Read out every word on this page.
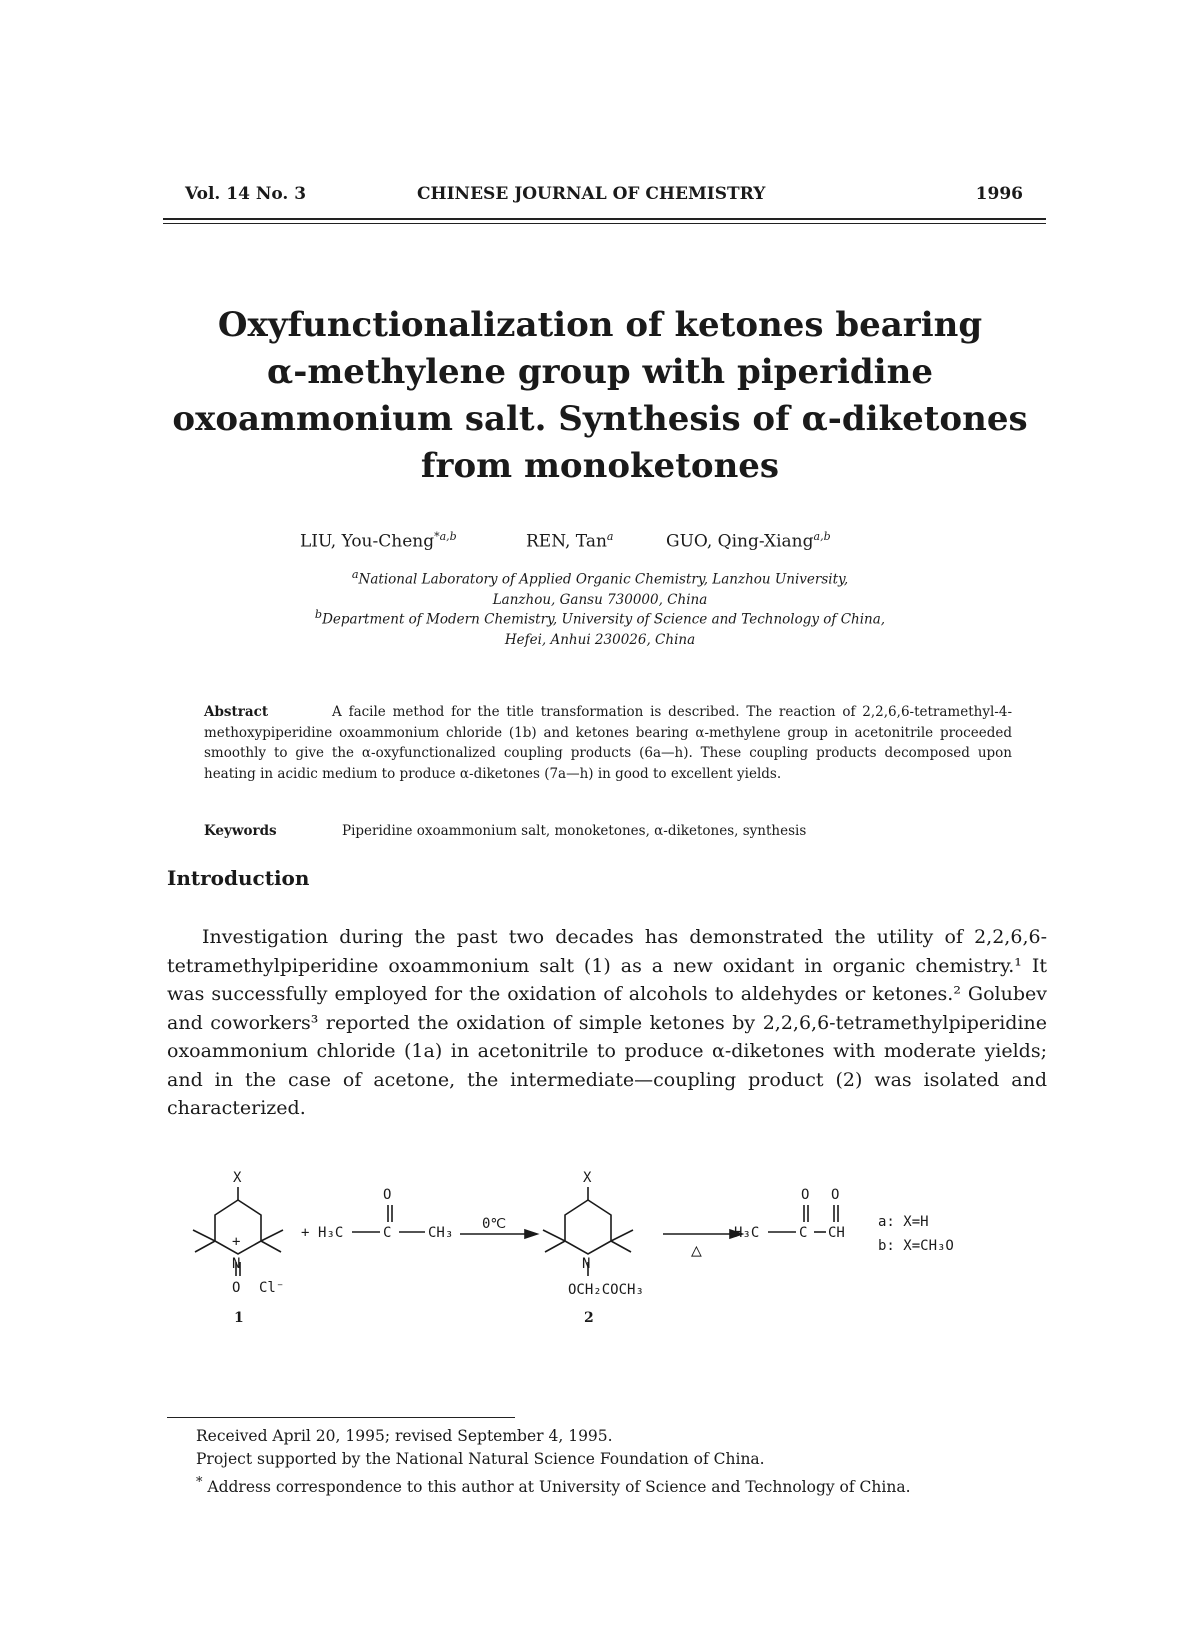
Vol. 14 No. 3	CHINESE JOURNAL OF CHEMISTRY	1996
Oxyfunctionalization of ketones bearing
α-methylene group with piperidine
oxoammonium salt. Synthesis of α-diketones
from monoketones
LIU, You-Cheng$^{*a,b}$	REN, Tan$^a$	GUO, Qing-Xiang$^{a,b}$
$^a$National Laboratory of Applied Organic Chemistry, Lanzhou University,
Lanzhou, Gansu 730000, China
$^b$Department of Modern Chemistry, University of Science and Technology of China,
Hefei, Anhui 230026, China
Abstract	A facile method for the title transformation is described. The reaction of 2,2,6,6-tetramethyl-4-methoxypiperidine oxoammonium chloride (1b) and ketones bearing α-methylene group in acetonitrile proceeded smoothly to give the α-oxyfunctionalized coupling products (6a—h). These coupling products decomposed upon heating in acidic medium to produce α-diketones (7a—h) in good to excellent yields.
Keywords	Piperidine oxoammonium salt, monoketones, α-diketones, synthesis
Introduction
Investigation during the past two decades has demonstrated the utility of 2,2,6,6-tetramethylpiperidine oxoammonium salt (1) as a new oxidant in organic chemistry.¹ It was successfully employed for the oxidation of alcohols to aldehydes or ketones.² Golubev and coworkers³ reported the oxidation of simple ketones by 2,2,6,6-tetramethylpiperidine oxoammonium chloride (1a) in acetonitrile to produce α-diketones with moderate yields; and in the case of acetone, the intermediate—coupling product (2) was isolated and characterized.
X
N
+
O Cl⁻
1
+
O
H₃C	C	CH₃
0℃
X
N
OCH₂COCH₃
2
△
O O
H₃C	C CH
a: X=H
b: X=CH₃O
Received April 20, 1995; revised September 4, 1995.
Project supported by the National Natural Science Foundation of China.
* Address correspondence to this author at University of Science and Technology of China.
